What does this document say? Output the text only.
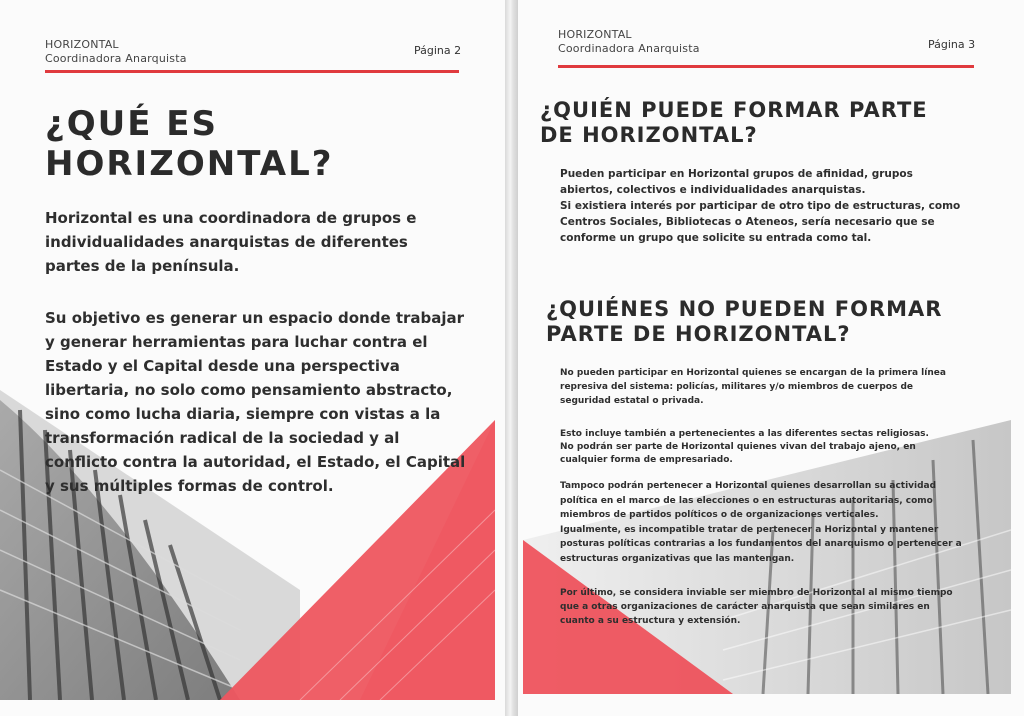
HORIZONTAL
Coordinadora Anarquista
Página 2
¿QUÉ ES
HORIZONTAL?

Horizontal es una coordinadora de grupos e

individualidades anarquistas de diferentes

partes de la península.

Su objetivo es generar un espacio donde trabajar

y generar herramientas para luchar contra el

Estado y el Capital desde una perspectiva

libertaria, no solo como pensamiento abstracto,

sino como lucha diaria, siempre con vistas a la

transformación radical de la sociedad y al

conflicto contra la autoridad, el Estado, el Capital

y sus múltiples formas de control.

HORIZONTAL
Coordinadora Anarquista	Página 3
¿QUIÉN PUEDE FORMAR PARTE
DE HORIZONTAL?

Pueden participar en Horizontal grupos de afinidad, grupos

abiertos, colectivos e individualidades anarquistas.

Si existiera interés por participar de otro tipo de estructuras, como

Centros Sociales, Bibliotecas o Ateneos, sería necesario que se

conforme un grupo que solicite su entrada como tal.

¿QUIÉNES NO PUEDEN FORMAR
PARTE DE HORIZONTAL?

No pueden participar en Horizontal quienes se encargan de la primera línea

represiva del sistema: policías, militares y/o miembros de cuerpos de

seguridad estatal o privada.

Esto incluye también a pertenecientes a las diferentes sectas religiosas.

No podrán ser parte de Horizontal quienes vivan del trabajo ajeno, en

cualquier forma de empresariado.

Tampoco podrán pertenecer a Horizontal quienes desarrollan su actividad

política en el marco de las elecciones o en estructuras autoritarias, como

miembros de partidos políticos o de organizaciones verticales.

Igualmente, es incompatible tratar de pertenecer a Horizontal y mantener

posturas políticas contrarias a los fundamentos del anarquismo o pertenecer a

estructuras organizativas que las mantengan.

Por último, se considera inviable ser miembro de Horizontal al mismo tiempo

que a otras organizaciones de carácter anarquista que sean similares en

cuanto a su estructura y extensión.
